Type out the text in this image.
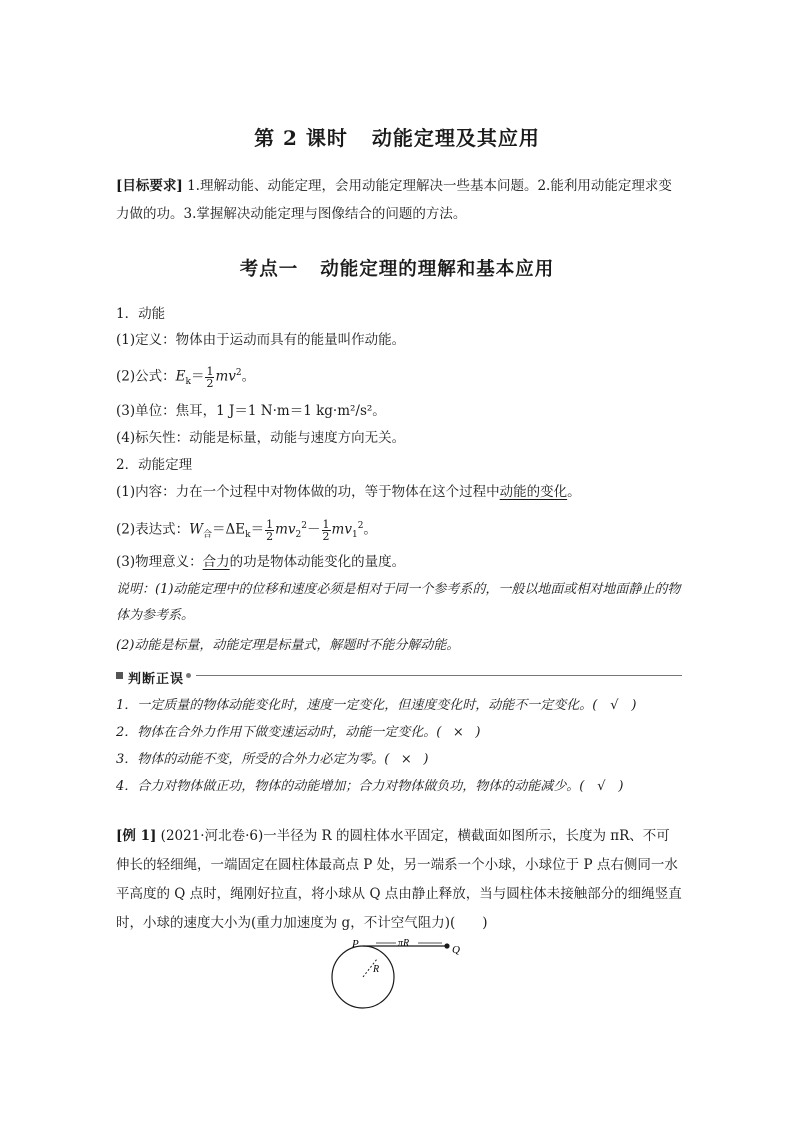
第 2 课时 动能定理及其应用
[目标要求] 1.理解动能、动能定理，会用动能定理解决一些基本问题。2.能利用动能定理求变力做的功。3.掌握解决动能定理与图像结合的问题的方法。
考点一 动能定理的理解和基本应用
1．动能
(1)定义：物体由于运动而具有的能量叫作动能。
(2)公式：$E_k= \frac{1}{2} mv^2$。
(3)单位：焦耳，1 J＝1 N·m＝1 kg·m²/s²。
(4)标矢性：动能是标量，动能与速度方向无关。
2．动能定理
(1)内容：力在一个过程中对物体做的功，等于物体在这个过程中动能的变化。
(2)表达式：$W_合=\Delta E_k= \frac{1}{2} mv_2^2- \frac{1}{2} mv_1^2$。
(3)物理意义：合力的功是物体动能变化的量度。
说明：(1)动能定理中的位移和速度必须是相对于同一个参考系的，一般以地面或相对地面静止的物体为参考系。
(2)动能是标量，动能定理是标量式，解题时不能分解动能。
判断正误
1．一定质量的物体动能变化时，速度一定变化，但速度变化时，动能不一定变化。( √ )
2．物体在合外力作用下做变速运动时，动能一定变化。( × )
3．物体的动能不变，所受的合外力必定为零。( × )
4．合力对物体做正功，物体的动能增加；合力对物体做负功，物体的动能减少。( √ )
[例 1] (2021·河北卷·6)一半径为 R 的圆柱体水平固定，横截面如图所示，长度为 πR、不可伸长的轻细绳，一端固定在圆柱体最高点 P 处，另一端系一个小球，小球位于 P 点右侧同一水平高度的 Q 点时，绳刚好拉直，将小球从 Q 点由静止释放，当与圆柱体未接触部分的细绳竖直时，小球的速度大小为(重力加速度为 g，不计空气阻力)(　　)
P	Q
R
πR
